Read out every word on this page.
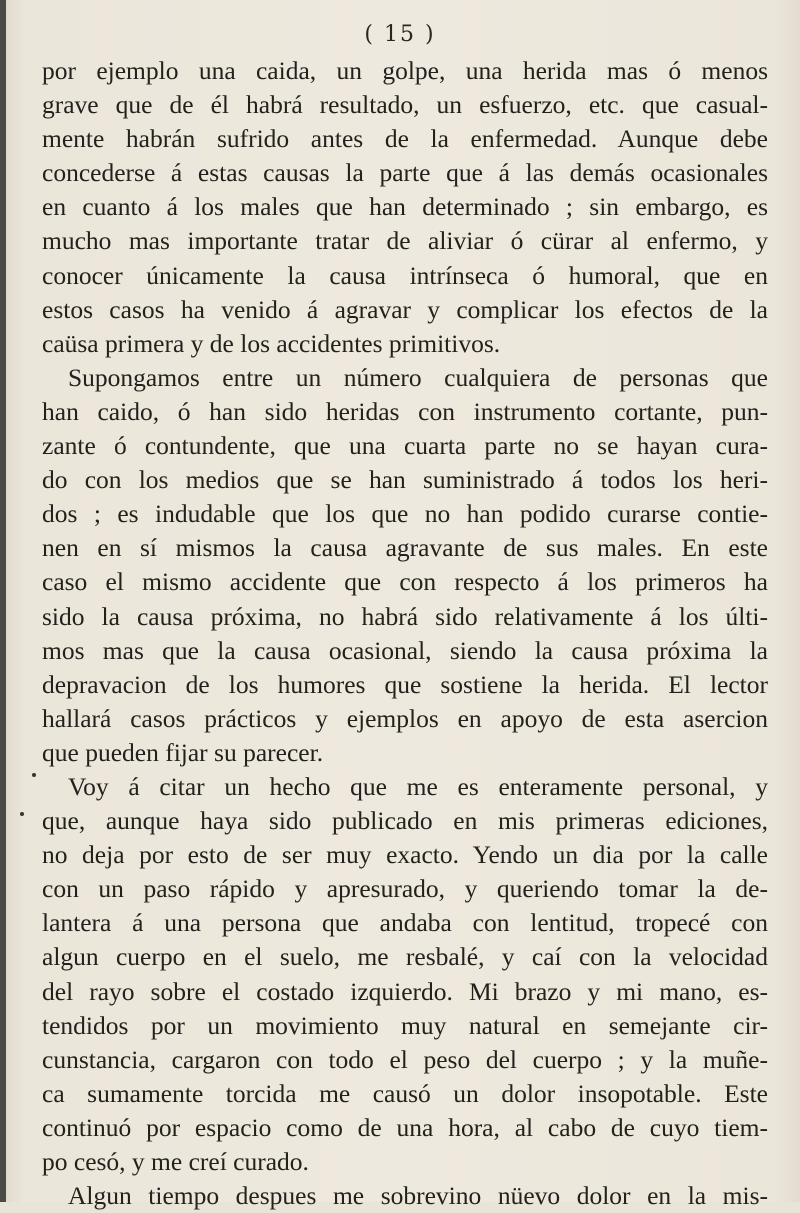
( 15 )
por ejemplo una caida, un golpe, una herida mas ó menos
grave que de él habrá resultado, un esfuerzo, etc. que casual-
mente habrán sufrido antes de la enfermedad. Aunque debe
concederse á estas causas la parte que á las demás ocasionales
en cuanto á los males que han determinado ; sin embargo, es
mucho mas importante tratar de aliviar ó cürar al enfermo, y
conocer únicamente la causa intrínseca ó humoral, que en
estos casos ha venido á agravar y complicar los efectos de la
caüsa primera y de los accidentes primitivos.
Supongamos entre un número cualquiera de personas que
han caido, ó han sido heridas con instrumento cortante, pun-
zante ó contundente, que una cuarta parte no se hayan cura-
do con los medios que se han suministrado á todos los heri-
dos ; es indudable que los que no han podido curarse contie-
nen en sí mismos la causa agravante de sus males. En este
caso el mismo accidente que con respecto á los primeros ha
sido la causa próxima, no habrá sido relativamente á los últi-
mos mas que la causa ocasional, siendo la causa próxima la
depravacion de los humores que sostiene la herida. El lector
hallará casos prácticos y ejemplos en apoyo de esta asercion
que pueden fijar su parecer.
Voy á citar un hecho que me es enteramente personal, y
que, aunque haya sido publicado en mis primeras ediciones,
no deja por esto de ser muy exacto. Yendo un dia por la calle
con un paso rápido y apresurado, y queriendo tomar la de-
lantera á una persona que andaba con lentitud, tropecé con
algun cuerpo en el suelo, me resbalé, y caí con la velocidad
del rayo sobre el costado izquierdo. Mi brazo y mi mano, es-
tendidos por un movimiento muy natural en semejante cir-
cunstancia, cargaron con todo el peso del cuerpo ; y la muñe-
ca sumamente torcida me causó un dolor insopotable. Este
continuó por espacio como de una hora, al cabo de cuyo tiem-
po cesó, y me creí curado.
Algun tiempo despues me sobrevino nüevo dolor en la mis-
